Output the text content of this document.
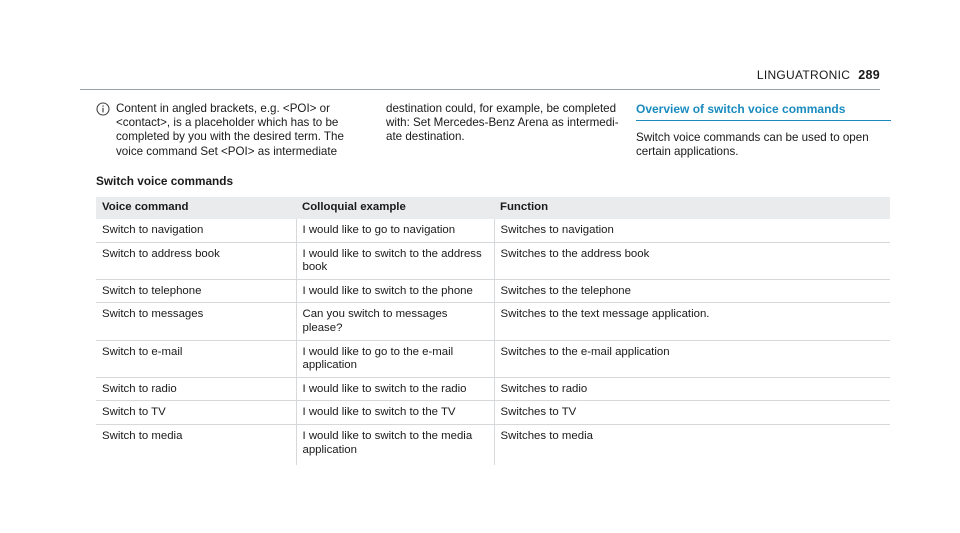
LINGUATRONIC 289
Content in angled brackets, e.g. <POI> or <contact>, is a placeholder which has to be completed by you with the desired term. The voice command Set <POI> as intermediate
destination could, for example, be completed with: Set Mercedes-Benz Arena as intermedi-ate destination.
Overview of switch voice commands
Switch voice commands can be used to open certain applications.
Switch voice commands
Voice command	Colloquial example	Function
Switch to navigation	I would like to go to navigation	Switches to navigation
Switch to address book	I would like to switch to the address book	Switches to the address book
Switch to telephone	I would like to switch to the phone	Switches to the telephone
Switch to messages	Can you switch to messages please?	Switches to the text message application.
Switch to e-mail	I would like to go to the e-mail application	Switches to the e-mail application
Switch to radio	I would like to switch to the radio	Switches to radio
Switch to TV	I would like to switch to the TV	Switches to TV
Switch to media	I would like to switch to the media application	Switches to media
